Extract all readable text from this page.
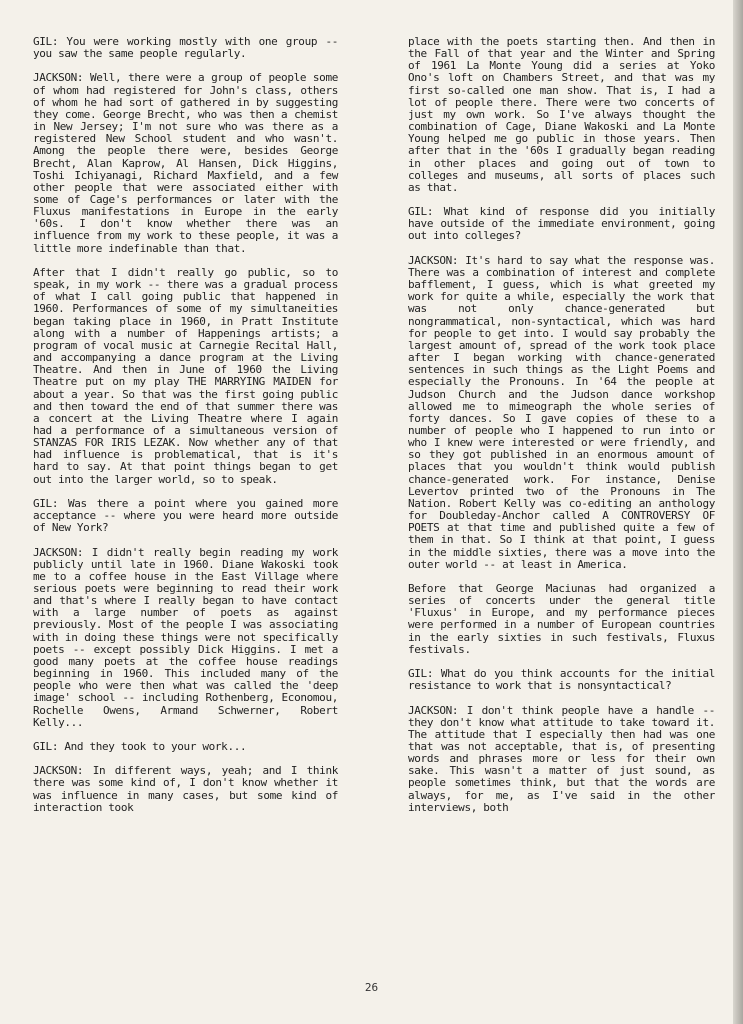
GIL: You were working mostly with one group -- you saw the same people regularly.

JACKSON: Well, there were a group of people some of whom had registered for John's class, others of whom he had sort of gathered in by suggesting they come. George Brecht, who was then a chemist in New Jersey; I'm not sure who was there as a registered New School student and who wasn't. Among the people there were, besides George Brecht, Alan Kaprow, Al Hansen, Dick Higgins, Toshi Ichiyanagi, Richard Maxfield, and a few other people that were associated either with some of Cage's performances or later with the Fluxus manifestations in Europe in the early '60s. I don't know whether there was an influence from my work to these people, it was a little more indefinable than that.

After that I didn't really go public, so to speak, in my work -- there was a gradual process of what I call going public that happened in 1960. Performances of some of my simultaneities began taking place in 1960, in Pratt Institute along with a number of Happenings artists; a program of vocal music at Carnegie Recital Hall, and accompanying a dance program at the Living Theatre. And then in June of 1960 the Living Theatre put on my play THE MARRYING MAIDEN for about a year. So that was the first going public and then toward the end of that summer there was a concert at the Living Theatre where I again had a performance of a simultaneous version of STANZAS FOR IRIS LEZAK. Now whether any of that had influence is problematical, that is it's hard to say. At that point things began to get out into the larger world, so to speak.

GIL: Was there a point where you gained more acceptance -- where you were heard more outside of New York?

JACKSON: I didn't really begin reading my work publicly until late in 1960. Diane Wakoski took me to a coffee house in the East Village where serious poets were beginning to read their work and that's where I really began to have contact with a large number of poets as against previously. Most of the people I was associating with in doing these things were not specifically poets -- except possibly Dick Higgins. I met a good many poets at the coffee house readings beginning in 1960. This included many of the people who were then what was called the 'deep image' school -- including Rothenberg, Economou, Rochelle Owens, Armand Schwerner, Robert Kelly...

GIL: And they took to your work...

JACKSON: In different ways, yeah; and I think there was some kind of, I don't know whether it was influence in many cases, but some kind of interaction took

place with the poets starting then. And then in the Fall of that year and the Winter and Spring of 1961 La Monte Young did a series at Yoko Ono's loft on Chambers Street, and that was my first so-called one man show. That is, I had a lot of people there. There were two concerts of just my own work. So I've always thought the combination of Cage, Diane Wakoski and La Monte Young helped me go public in those years. Then after that in the '60s I gradually began reading in other places and going out of town to colleges and museums, all sorts of places such as that.

GIL: What kind of response did you initially have outside of the immediate environment, going out into colleges?

JACKSON: It's hard to say what the response was. There was a combination of interest and complete bafflement, I guess, which is what greeted my work for quite a while, especially the work that was not only chance-generated but nongrammatical, non-syntactical, which was hard for people to get into. I would say probably the largest amount of, spread of the work took place after I began working with chance-generated sentences in such things as the Light Poems and especially the Pronouns. In '64 the people at Judson Church and the Judson dance workshop allowed me to mimeograph the whole series of forty dances. So I gave copies of these to a number of people who I happened to run into or who I knew were interested or were friendly, and so they got published in an enormous amount of places that you wouldn't think would publish chance-generated work. For instance, Denise Levertov printed two of the Pronouns in The Nation. Robert Kelly was co-editing an anthology for Doubleday-Anchor called A CONTROVERSY OF POETS at that time and published quite a few of them in that. So I think at that point, I guess in the middle sixties, there was a move into the outer world -- at least in America.

Before that George Maciunas had organized a series of concerts under the general title 'Fluxus' in Europe, and my performance pieces were performed in a number of European countries in the early sixties in such festivals, Fluxus festivals.

GIL: What do you think accounts for the initial resistance to work that is nonsyntactical?

JACKSON: I don't think people have a handle -- they don't know what attitude to take toward it. The attitude that I especially then had was one that was not acceptable, that is, of presenting words and phrases more or less for their own sake. This wasn't a matter of just sound, as people sometimes think, but that the words are always, for me, as I've said in the other interviews, both

26
